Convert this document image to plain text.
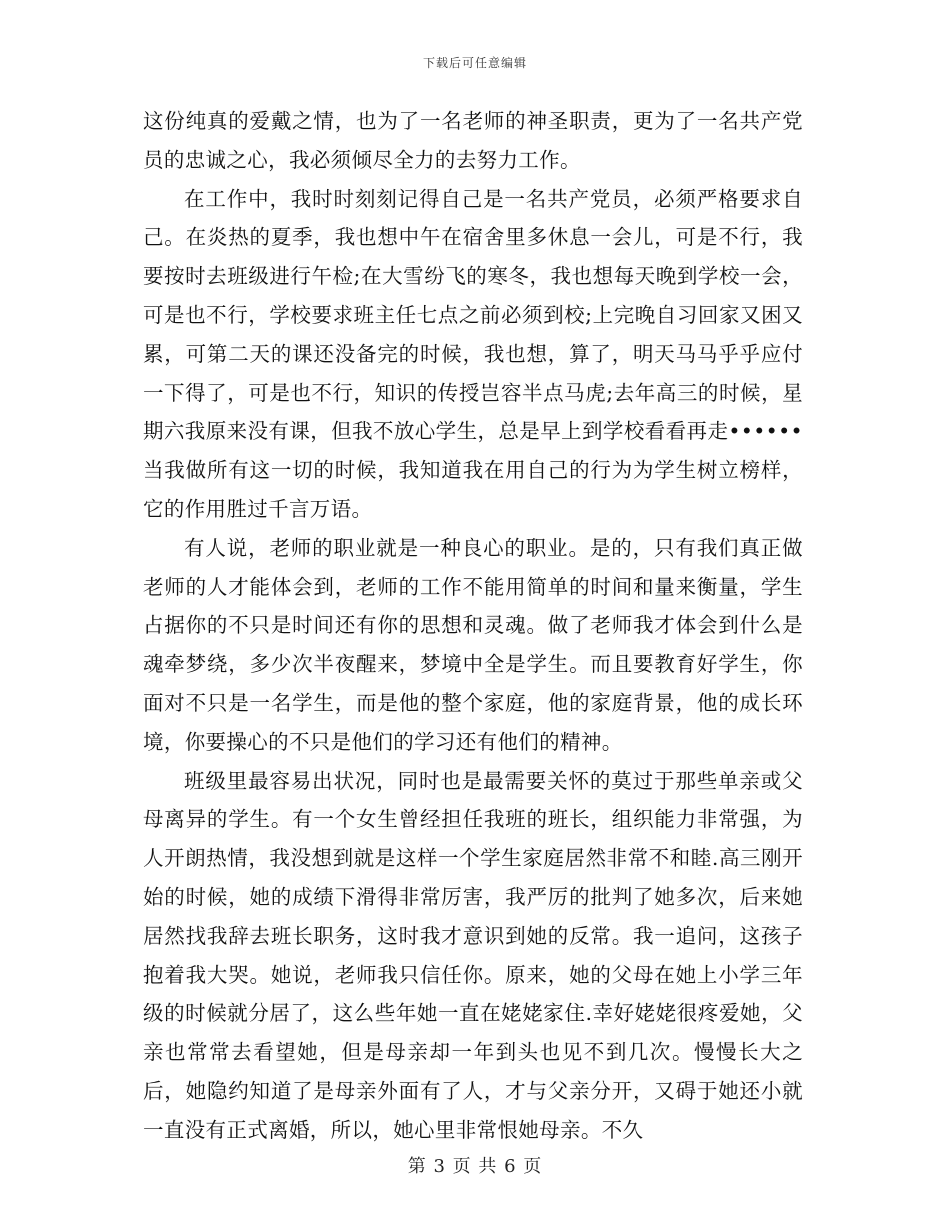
下载后可任意编辑

这份纯真的爱戴之情，也为了一名老师的神圣职责，更为了一名共产党员的忠诚之心，我必须倾尽全力的去努力工作。

在工作中，我时时刻刻记得自己是一名共产党员，必须严格要求自己。在炎热的夏季，我也想中午在宿舍里多休息一会儿，可是不行，我要按时去班级进行午检;在大雪纷飞的寒冬，我也想每天晚到学校一会，可是也不行，学校要求班主任七点之前必须到校;上完晚自习回家又困又累，可第二天的课还没备完的时候，我也想，算了，明天马马乎乎应付一下得了，可是也不行，知识的传授岂容半点马虎;去年高三的时候，星期六我原来没有课，但我不放心学生，总是早上到学校看看再走••••••当我做所有这一切的时候，我知道我在用自己的行为为学生树立榜样，它的作用胜过千言万语。

有人说，老师的职业就是一种良心的职业。是的，只有我们真正做老师的人才能体会到，老师的工作不能用简单的时间和量来衡量，学生占据你的不只是时间还有你的思想和灵魂。做了老师我才体会到什么是魂牵梦绕，多少次半夜醒来，梦境中全是学生。而且要教育好学生，你面对不只是一名学生，而是他的整个家庭，他的家庭背景，他的成长环境，你要操心的不只是他们的学习还有他们的精神。

班级里最容易出状况，同时也是最需要关怀的莫过于那些单亲或父母离异的学生。有一个女生曾经担任我班的班长，组织能力非常强，为人开朗热情，我没想到就是这样一个学生家庭居然非常不和睦.高三刚开始的时候，她的成绩下滑得非常厉害，我严厉的批判了她多次，后来她居然找我辞去班长职务，这时我才意识到她的反常。我一追问，这孩子抱着我大哭。她说，老师我只信任你。原来，她的父母在她上小学三年级的时候就分居了，这么些年她一直在姥姥家住.幸好姥姥很疼爱她，父亲也常常去看望她，但是母亲却一年到头也见不到几次。慢慢长大之后，她隐约知道了是母亲外面有了人，才与父亲分开，又碍于她还小就一直没有正式离婚，所以，她心里非常恨她母亲。不久

第 3 页 共 6 页
